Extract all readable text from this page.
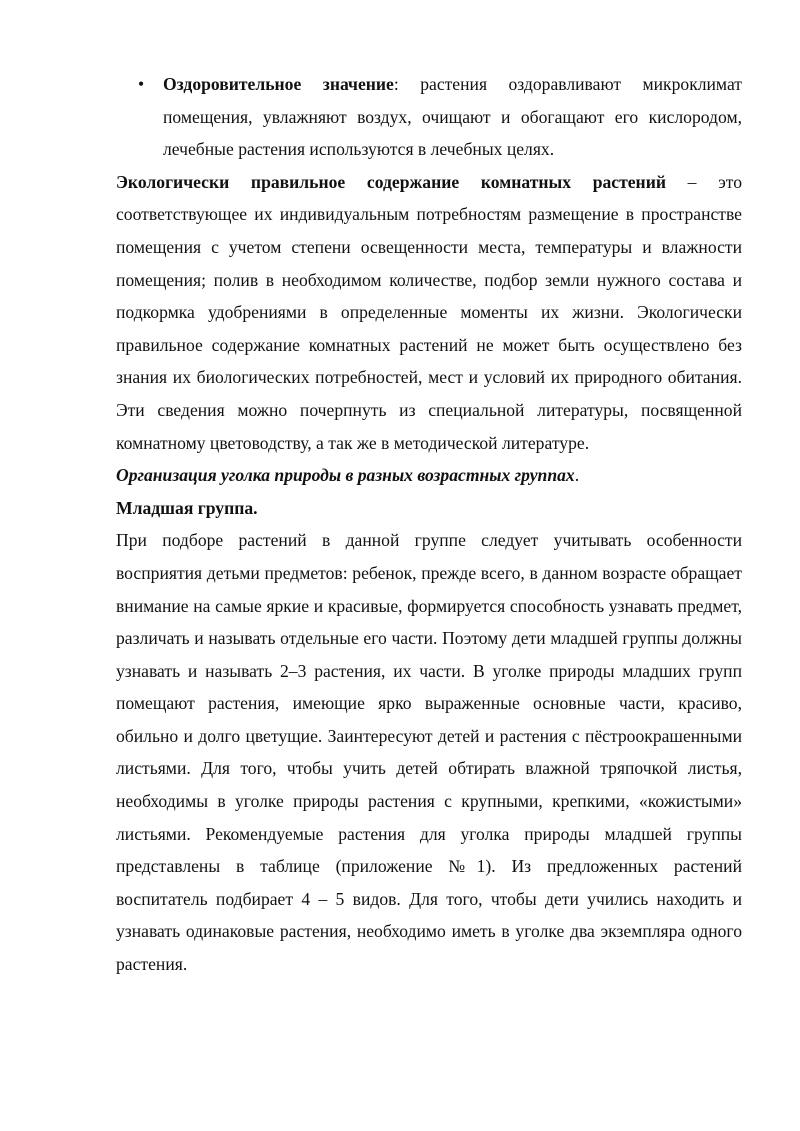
• Оздоровительное значение: растения оздоравливают микроклимат помещения, увлажняют воздух, очищают и обогащают его кислородом, лечебные растения используются в лечебных целях.

Экологически правильное содержание комнатных растений – это соответствующее их индивидуальным потребностям размещение в пространстве помещения с учетом степени освещенности места, температуры и влажности помещения; полив в необходимом количестве, подбор земли нужного состава и подкормка удобрениями в определенные моменты их жизни. Экологически правильное содержание комнатных растений не может быть осуществлено без знания их биологических потребностей, мест и условий их природного обитания. Эти сведения можно почерпнуть из специальной литературы, посвященной комнатному цветоводству, а так же в методической литературе.

Организация уголка природы в разных возрастных группах.

Младшая группа.

При подборе растений в данной группе следует учитывать особенности восприятия детьми предметов: ребенок, прежде всего, в данном возрасте обращает внимание на самые яркие и красивые, формируется способность узнавать предмет, различать и называть отдельные его части. Поэтому дети младшей группы должны узнавать и называть 2–3 растения, их части. В уголке природы младших групп помещают растения, имеющие ярко выраженные основные части, красиво, обильно и долго цветущие. Заинтересуют детей и растения с пёстроокрашенными листьями. Для того, чтобы учить детей обтирать влажной тряпочкой листья, необходимы в уголке природы растения с крупными, крепкими, «кожистыми» листьями. Рекомендуемые растения для уголка природы младшей группы представлены в таблице (приложение №1). Из предложенных растений воспитатель подбирает 4 – 5 видов. Для того, чтобы дети учились находить и узнавать одинаковые растения, необходимо иметь в уголке два экземпляра одного растения.
